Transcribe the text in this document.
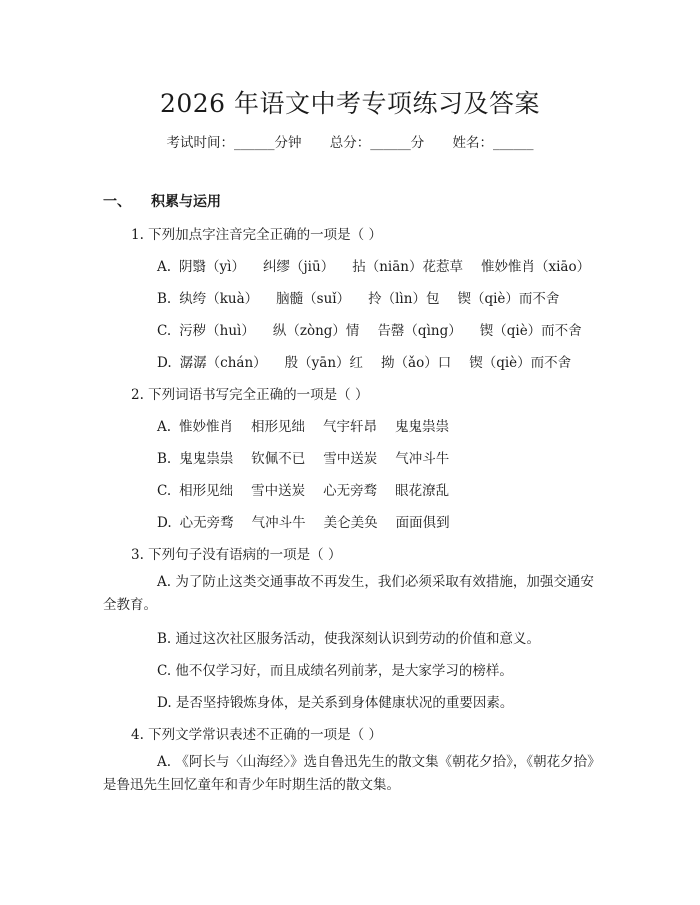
2026 年语文中考专项练习及答案
考试时间：______分钟 总分：______分 姓名：______
一、 积累与运用
1. 下列加点字注音完全正确的一项是（ ）
A. 阴翳（yì） 纠缪（jiū） 拈（niān）花惹草 惟妙惟肖（xiāo）
B. 纨绔（kuà） 脑髓（suǐ） 拎（lìn）包 锲（qiè）而不舍
C. 污秽（huì） 纵（zòng）情 告罄（qìng） 锲（qiè）而不舍
D. 潺潺（chán） 殷（yān）红 拗（ǎo）口 锲（qiè）而不舍
2. 下列词语书写完全正确的一项是（ ）
A. 惟妙惟肖 相形见绌 气宇轩昂 鬼鬼祟祟
B. 鬼鬼祟祟 钦佩不已 雪中送炭 气冲斗牛
C. 相形见绌 雪中送炭 心无旁骛 眼花潦乱
D. 心无旁骛 气冲斗牛 美仑美奂 面面俱到
3. 下列句子没有语病的一项是（ ）
A. 为了防止这类交通事故不再发生，我们必须采取有效措施，加强交通安全教育。
B. 通过这次社区服务活动，使我深刻认识到劳动的价值和意义。
C. 他不仅学习好，而且成绩名列前茅，是大家学习的榜样。
D. 是否坚持锻炼身体，是关系到身体健康状况的重要因素。
4. 下列文学常识表述不正确的一项是（ ）
A. 《阿长与〈山海经〉》选自鲁迅先生的散文集《朝花夕拾》，《朝花夕拾》是鲁迅先生回忆童年和青少年时期生活的散文集。
